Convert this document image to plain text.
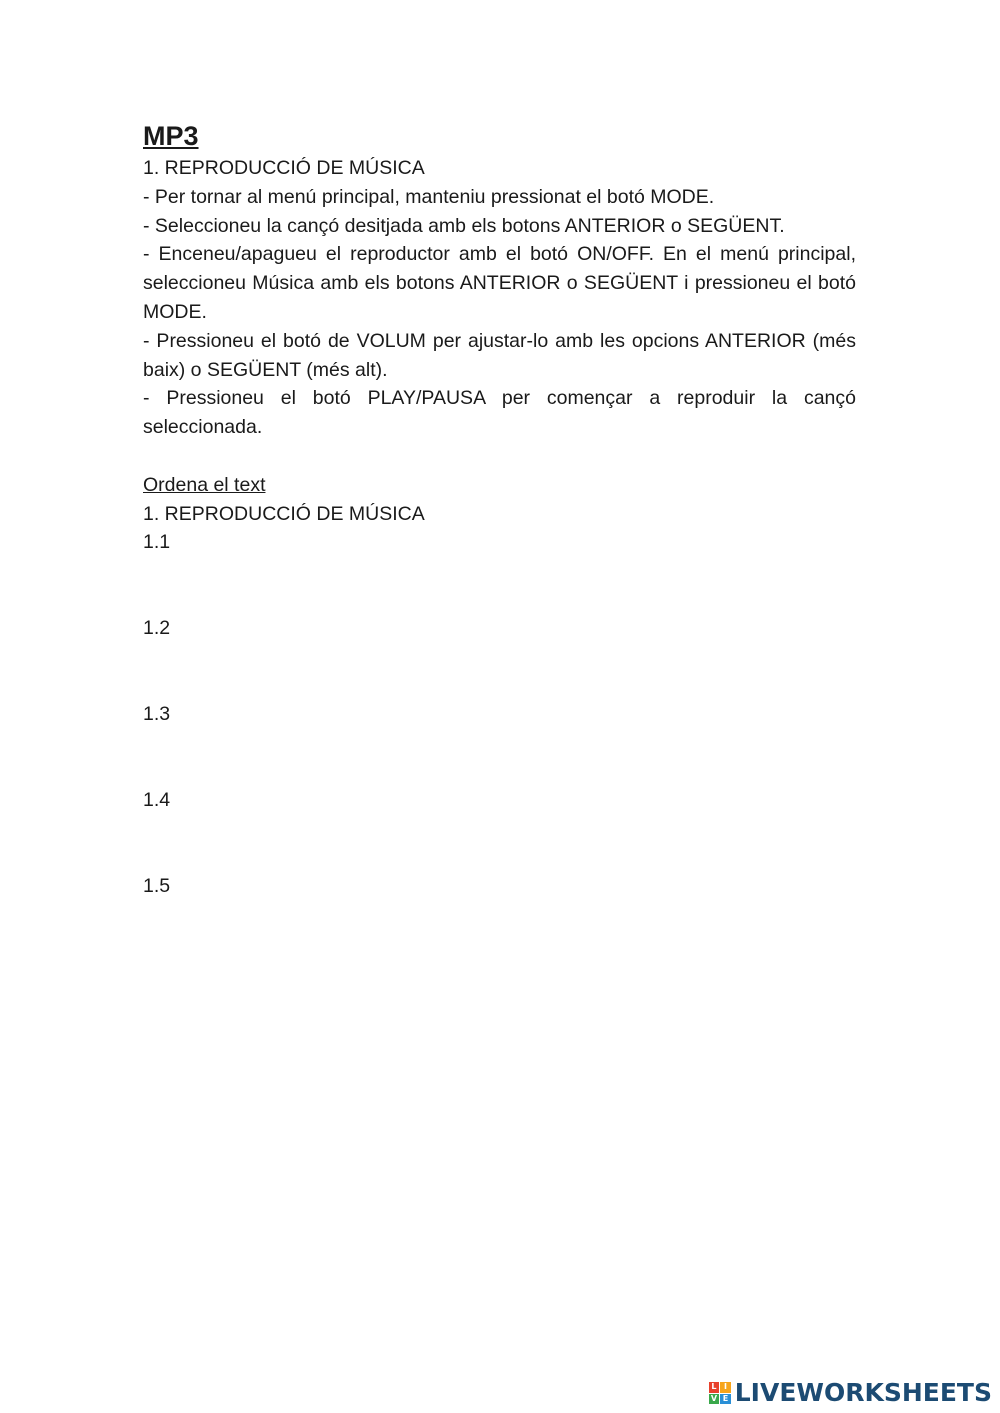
MP3

1. REPRODUCCIÓ DE MÚSICA

- Per tornar al menú principal, manteniu pressionat el botó MODE.

- Seleccioneu la cançó desitjada amb els botons ANTERIOR o SEGÜENT.

- Enceneu/apagueu el reproductor amb el botó ON/OFF. En el menú principal, seleccioneu Música amb els botons ANTERIOR o SEGÜENT i pressioneu el botó MODE.

- Pressioneu el botó de VOLUM per ajustar-lo amb les opcions ANTERIOR (més baix) o SEGÜENT (més alt).

- Pressioneu el botó PLAY/PAUSA per començar a reproduir la cançó seleccionada.

Ordena el text

1. REPRODUCCIÓ DE MÚSICA

1.1

1.2

1.3

1.4

1.5

L I
V E LIVEWORKSHEETS
